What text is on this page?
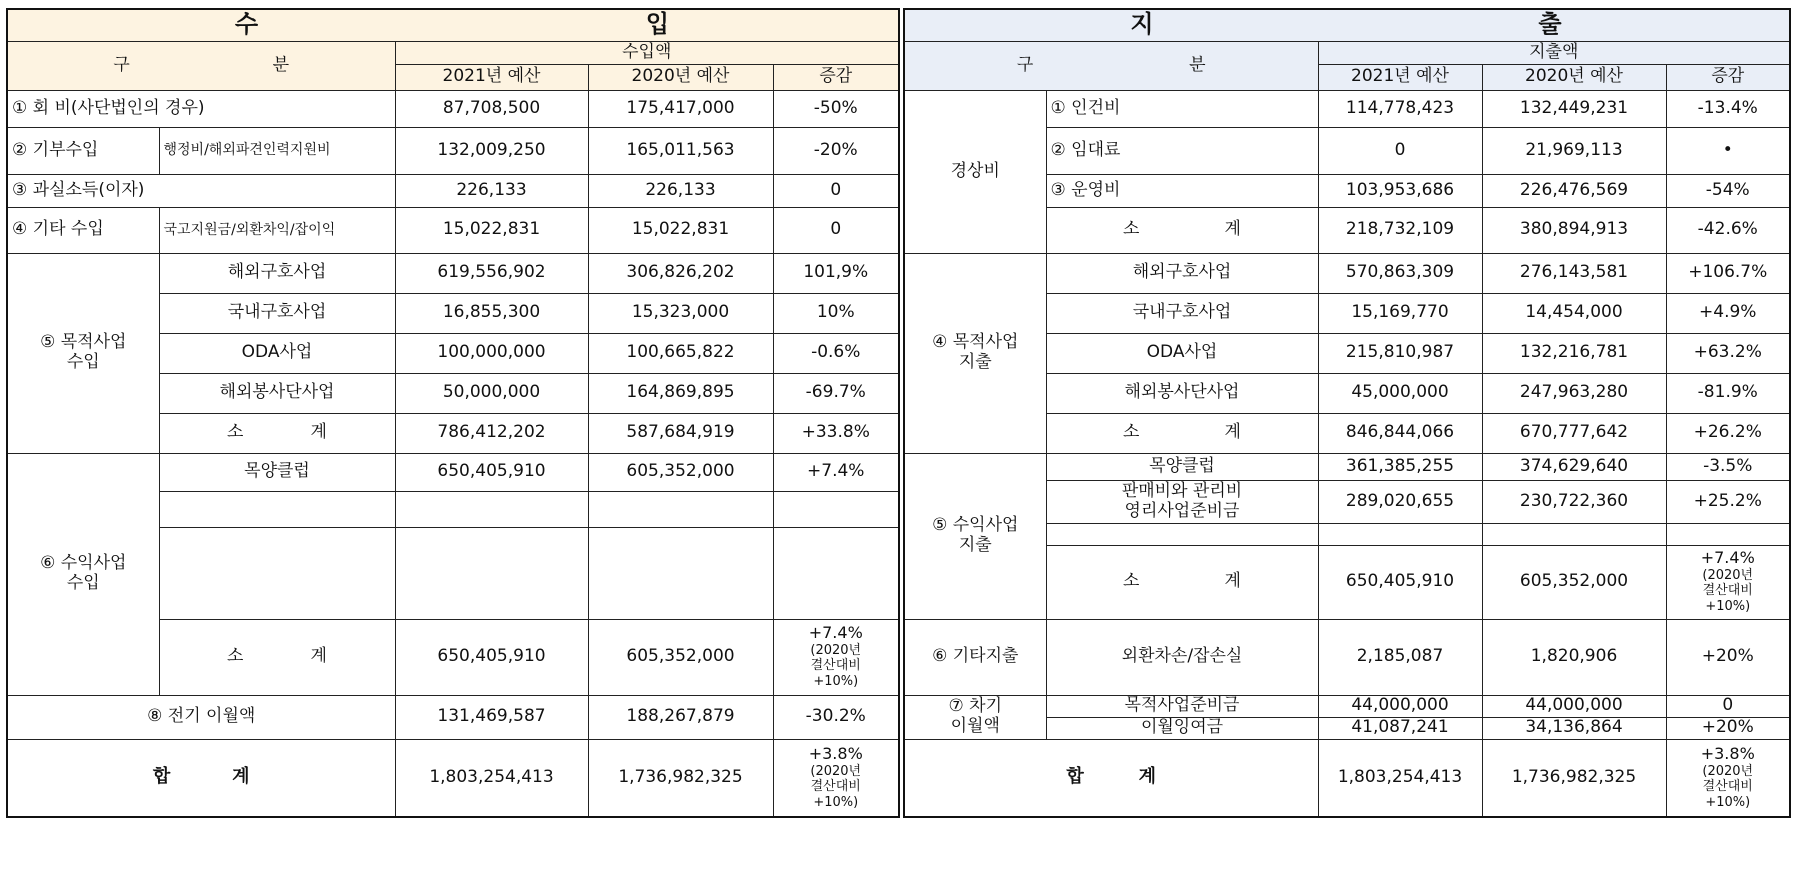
수 입				

구 분		수입액		
		2021년 예산	2020년 예산	증감
① 회 비(사단법인의 경우)		87,708,500	175,417,000	-50%
② 기부수입	행정비/해외파견인력지원비	132,009,250	165,011,563	-20%
③ 과실소득(이자)		226,133	226,133	0
④ 기타 수입	국고지원금/외환차익/잡이익	15,022,831	15,022,831	0
⑤ 목적사업
수입	해외구호사업	619,556,902	306,826,202	101,9%
	국내구호사업	16,855,300	15,323,000	10%
	ODA사업	100,000,000	100,665,822	-0.6%
	해외봉사단사업	50,000,000	164,869,895	-69.7%

	소 계	786,412,202	587,684,919	+33.8%
⑥ 수익사업
수입	목양클럽	650,405,910	605,352,000	+7.4%

	소 계	650,405,910	605,352,000	+7.4%
(2020년
결산대비
+10%)

⑧ 전기 이월액		131,469,587	188,267,879	-30.2%

합 계		1,803,254,413	1,736,982,325	+3.8%
(2020년
결산대비
+10%)
지 출				

구 분		지출액		
		2021년 예산	2020년 예산	증감
경상비	① 인건비	114,778,423	132,449,231	-13.4%
	② 임대료	0	21,969,113	•
	③ 운영비	103,953,686	226,476,569	-54%

	소 계	218,732,109	380,894,913	-42.6%
④ 목적사업
지출	해외구호사업	570,863,309	276,143,581	+106.7%
	국내구호사업	15,169,770	14,454,000	+4.9%
	ODA사업	215,810,987	132,216,781	+63.2%
	해외봉사단사업	45,000,000	247,963,280	-81.9%

	소 계	846,844,066	670,777,642	+26.2%
⑤ 수익사업
지출	목양클럽	361,385,255	374,629,640	-3.5%
	판매비와 관리비
영리사업준비금	289,020,655	230,722,360	+25.2%

	소 계	650,405,910	605,352,000	+7.4%
(2020년
결산대비
+10%)

⑥ 기타지출	외환차손/잡손실	2,185,087	1,820,906	+20%
⑦ 차기
이월액	목적사업준비금	44,000,000	44,000,000	0
	이월잉여금	41,087,241	34,136,864	+20%

합 계		1,803,254,413	1,736,982,325	+3.8%
(2020년
결산대비
+10%)
